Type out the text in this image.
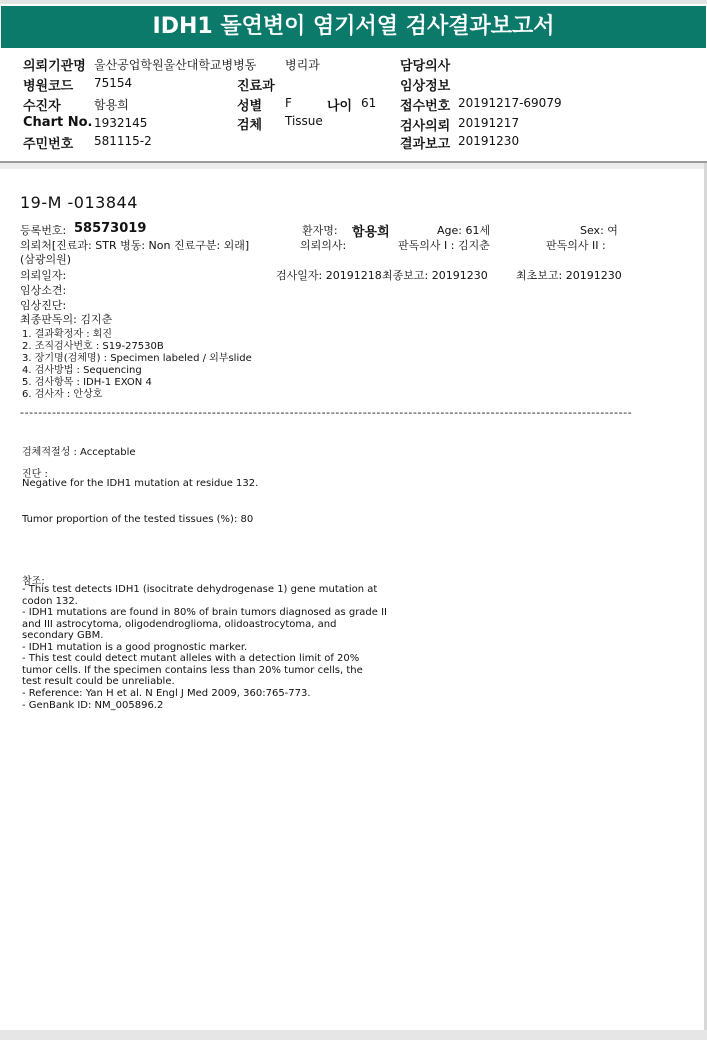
IDH1 돌연변이 염기서열 검사결과보고서
의뢰기관명 울산공업학원울산대학교병병동 병리과	담당의사
병원코드 75154	진료과	임상정보
수진자	함용희	성별 F	나이 61 접수번호 20191217-69079
Chart No. 1932145	검체 Tissue	검사의뢰 20191217
주민번호 581115-2	결과보고 20191230
19-M -013844
등록번호: 58573019	환자명: 함용희	Age: 61세	Sex: 여
의뢰처[진료과: STR 병동: Non 진료구분: 외래]	의뢰의사:	판독의사 I : 김지춘	판독의사 II :
(삼광의원)
의뢰일자:	검사일자: 20191218 최종보고: 20191230	최초보고: 20191230
임상소견:
임상진단:
최종판독의: 김지춘
1. 결과확정자 : 회진
2. 조직검사번호 : S19-27530B
3. 장기명(검체명) : Specimen labeled / 외부slide
4. 검사방법 : Sequencing
5. 검사항목 : IDH-1 EXON 4
6. 검사자 : 안상호
--------------------------------------------------------------------------------------------------------------------------------------
검체적절성 : Acceptable
진단 :
Negative for the IDH1 mutation at residue 132.
Tumor proportion of the tested tissues (%): 80
참조:
- This test detects IDH1 (isocitrate dehydrogenase 1) gene mutation at
codon 132.
- IDH1 mutations are found in 80% of brain tumors diagnosed as grade II
and III astrocytoma, oligodendroglioma, olidoastrocytoma, and
secondary GBM.
- IDH1 mutation is a good prognostic marker.
- This test could detect mutant alleles with a detection limit of 20%
tumor cells. If the specimen contains less than 20% tumor cells, the
test result could be unreliable.
- Reference: Yan H et al. N Engl J Med 2009, 360:765-773.
- GenBank ID: NM_005896.2
